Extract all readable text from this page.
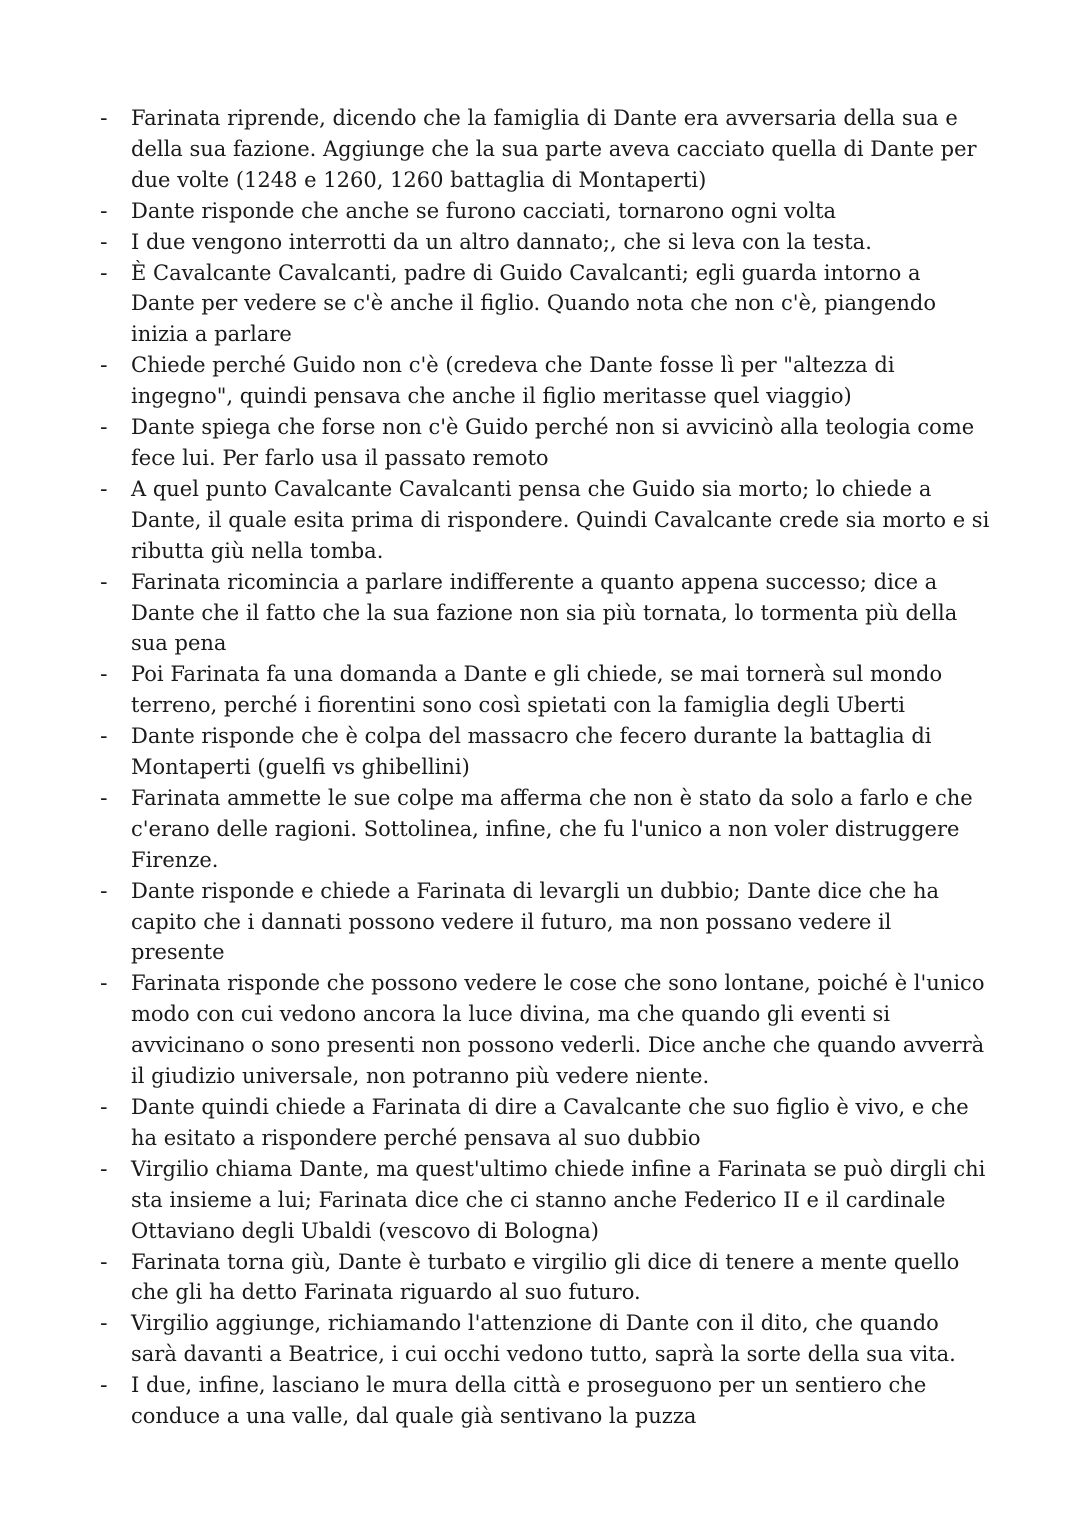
-	Farinata riprende, dicendo che la famiglia di Dante era avversaria della sua e della sua fazione. Aggiunge che la sua parte aveva cacciato quella di Dante per due volte (1248 e 1260, 1260 battaglia di Montaperti)
-	Dante risponde che anche se furono cacciati, tornarono ogni volta
-	I due vengono interrotti da un altro dannato;, che si leva con la testa.
-	È Cavalcante Cavalcanti, padre di Guido Cavalcanti; egli guarda intorno a Dante per vedere se c'è anche il figlio. Quando nota che non c'è, piangendo inizia a parlare
-	Chiede perché Guido non c'è (credeva che Dante fosse lì per "altezza di ingegno", quindi pensava che anche il figlio meritasse quel viaggio)
-	Dante spiega che forse non c'è Guido perché non si avvicinò alla teologia come fece lui. Per farlo usa il passato remoto
-	A quel punto Cavalcante Cavalcanti pensa che Guido sia morto; lo chiede a Dante, il quale esita prima di rispondere. Quindi Cavalcante crede sia morto e si ributta giù nella tomba.
-	Farinata ricomincia a parlare indifferente a quanto appena successo; dice a Dante che il fatto che la sua fazione non sia più tornata, lo tormenta più della sua pena
-	Poi Farinata fa una domanda a Dante e gli chiede, se mai tornerà sul mondo terreno, perché i fiorentini sono così spietati con la famiglia degli Uberti
-	Dante risponde che è colpa del massacro che fecero durante la battaglia di Montaperti (guelfi vs ghibellini)
-	Farinata ammette le sue colpe ma afferma che non è stato da solo a farlo e che c'erano delle ragioni. Sottolinea, infine, che fu l'unico a non voler distruggere Firenze.
-	Dante risponde e chiede a Farinata di levargli un dubbio; Dante dice che ha capito che i dannati possono vedere il futuro, ma non possano vedere il presente
-	Farinata risponde che possono vedere le cose che sono lontane, poiché è l'unico modo con cui vedono ancora la luce divina, ma che quando gli eventi si avvicinano o sono presenti non possono vederli. Dice anche che quando avverrà il giudizio universale, non potranno più vedere niente.
-	Dante quindi chiede a Farinata di dire a Cavalcante che suo figlio è vivo, e che ha esitato a rispondere perché pensava al suo dubbio
-	Virgilio chiama Dante, ma quest'ultimo chiede infine a Farinata se può dirgli chi sta insieme a lui; Farinata dice che ci stanno anche Federico II e il cardinale Ottaviano degli Ubaldi (vescovo di Bologna)
-	Farinata torna giù, Dante è turbato e virgilio gli dice di tenere a mente quello che gli ha detto Farinata riguardo al suo futuro.
-	Virgilio aggiunge, richiamando l'attenzione di Dante con il dito, che quando sarà davanti a Beatrice, i cui occhi vedono tutto, saprà la sorte della sua vita.
-	I due, infine, lasciano le mura della città e proseguono per un sentiero che conduce a una valle, dal quale già sentivano la puzza
